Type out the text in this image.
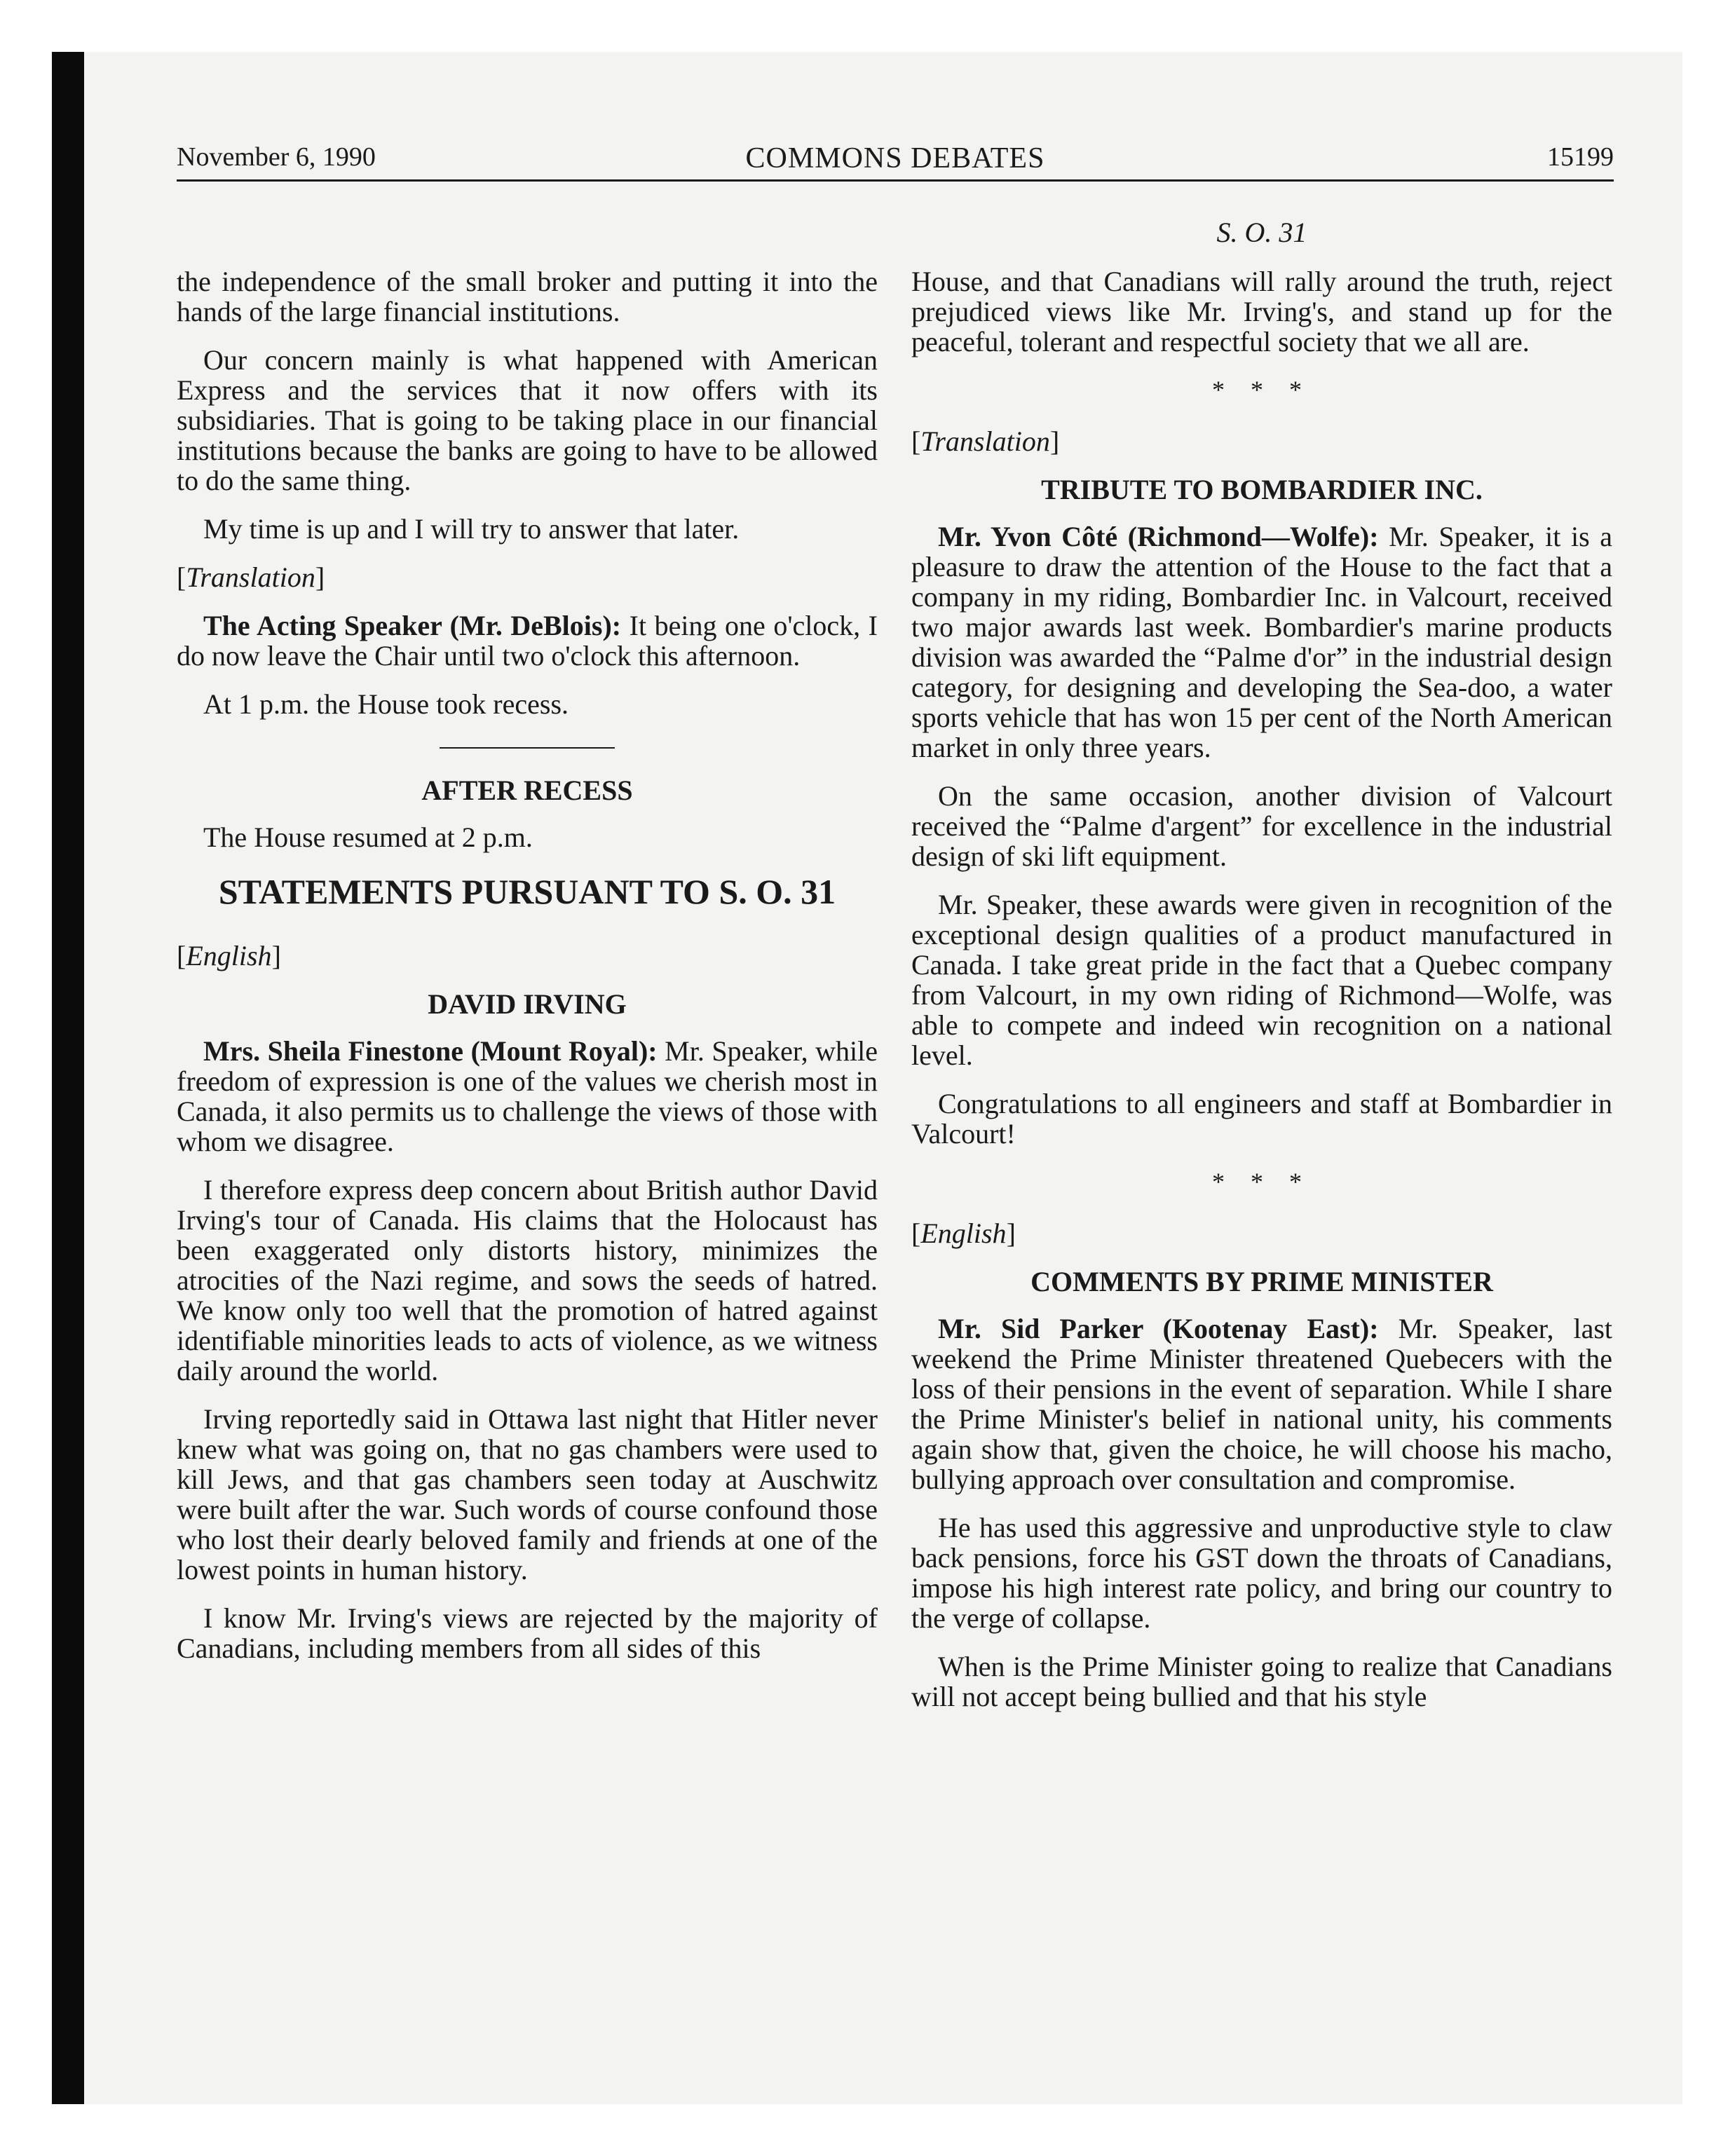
November 6, 1990	COMMONS DEBATES	15199
S. O. 31

the independence of the small broker and putting it into the hands of the large financial institutions.

Our concern mainly is what happened with American Express and the services that it now offers with its subsidiaries. That is going to be taking place in our financial institutions because the banks are going to have to be allowed to do the same thing.

My time is up and I will try to answer that later.

[Translation]

The Acting Speaker (Mr. DeBlois): It being one o'clock, I do now leave the Chair until two o'clock this afternoon.

At 1 p.m. the House took recess.

AFTER RECESS

The House resumed at 2 p.m.

STATEMENTS PURSUANT TO S. O. 31
[English]
DAVID IRVING

Mrs. Sheila Finestone (Mount Royal): Mr. Speaker, while freedom of expression is one of the values we cherish most in Canada, it also permits us to challenge the views of those with whom we disagree.

I therefore express deep concern about British author David Irving's tour of Canada. His claims that the Holocaust has been exaggerated only distorts history, minimizes the atrocities of the Nazi regime, and sows the seeds of hatred. We know only too well that the promotion of hatred against identifiable minorities leads to acts of violence, as we witness daily around the world.

Irving reportedly said in Ottawa last night that Hitler never knew what was going on, that no gas chambers were used to kill Jews, and that gas chambers seen today at Auschwitz were built after the war. Such words of course confound those who lost their dearly beloved family and friends at one of the lowest points in human history.

I know Mr. Irving's views are rejected by the majority of Canadians, including members from all sides of this

House, and that Canadians will rally around the truth, reject prejudiced views like Mr. Irving's, and stand up for the peaceful, tolerant and respectful society that we all are.

* * *
[Translation]
TRIBUTE TO BOMBARDIER INC.

Mr. Yvon Côté (Richmond—Wolfe): Mr. Speaker, it is a pleasure to draw the attention of the House to the fact that a company in my riding, Bombardier Inc. in Valcourt, received two major awards last week. Bombardier's marine products division was awarded the “Palme d'or” in the industrial design category, for designing and developing the Sea-doo, a water sports vehicle that has won 15 per cent of the North American market in only three years.

On the same occasion, another division of Valcourt received the “Palme d'argent” for excellence in the industrial design of ski lift equipment.

Mr. Speaker, these awards were given in recognition of the exceptional design qualities of a product manufactured in Canada. I take great pride in the fact that a Quebec company from Valcourt, in my own riding of Richmond—Wolfe, was able to compete and indeed win recognition on a national level.

Congratulations to all engineers and staff at Bombardier in Valcourt!

* * *
[English]
COMMENTS BY PRIME MINISTER

Mr. Sid Parker (Kootenay East): Mr. Speaker, last weekend the Prime Minister threatened Quebecers with the loss of their pensions in the event of separation. While I share the Prime Minister's belief in national unity, his comments again show that, given the choice, he will choose his macho, bullying approach over consultation and compromise.

He has used this aggressive and unproductive style to claw back pensions, force his GST down the throats of Canadians, impose his high interest rate policy, and bring our country to the verge of collapse.

When is the Prime Minister going to realize that Canadians will not accept being bullied and that his style
